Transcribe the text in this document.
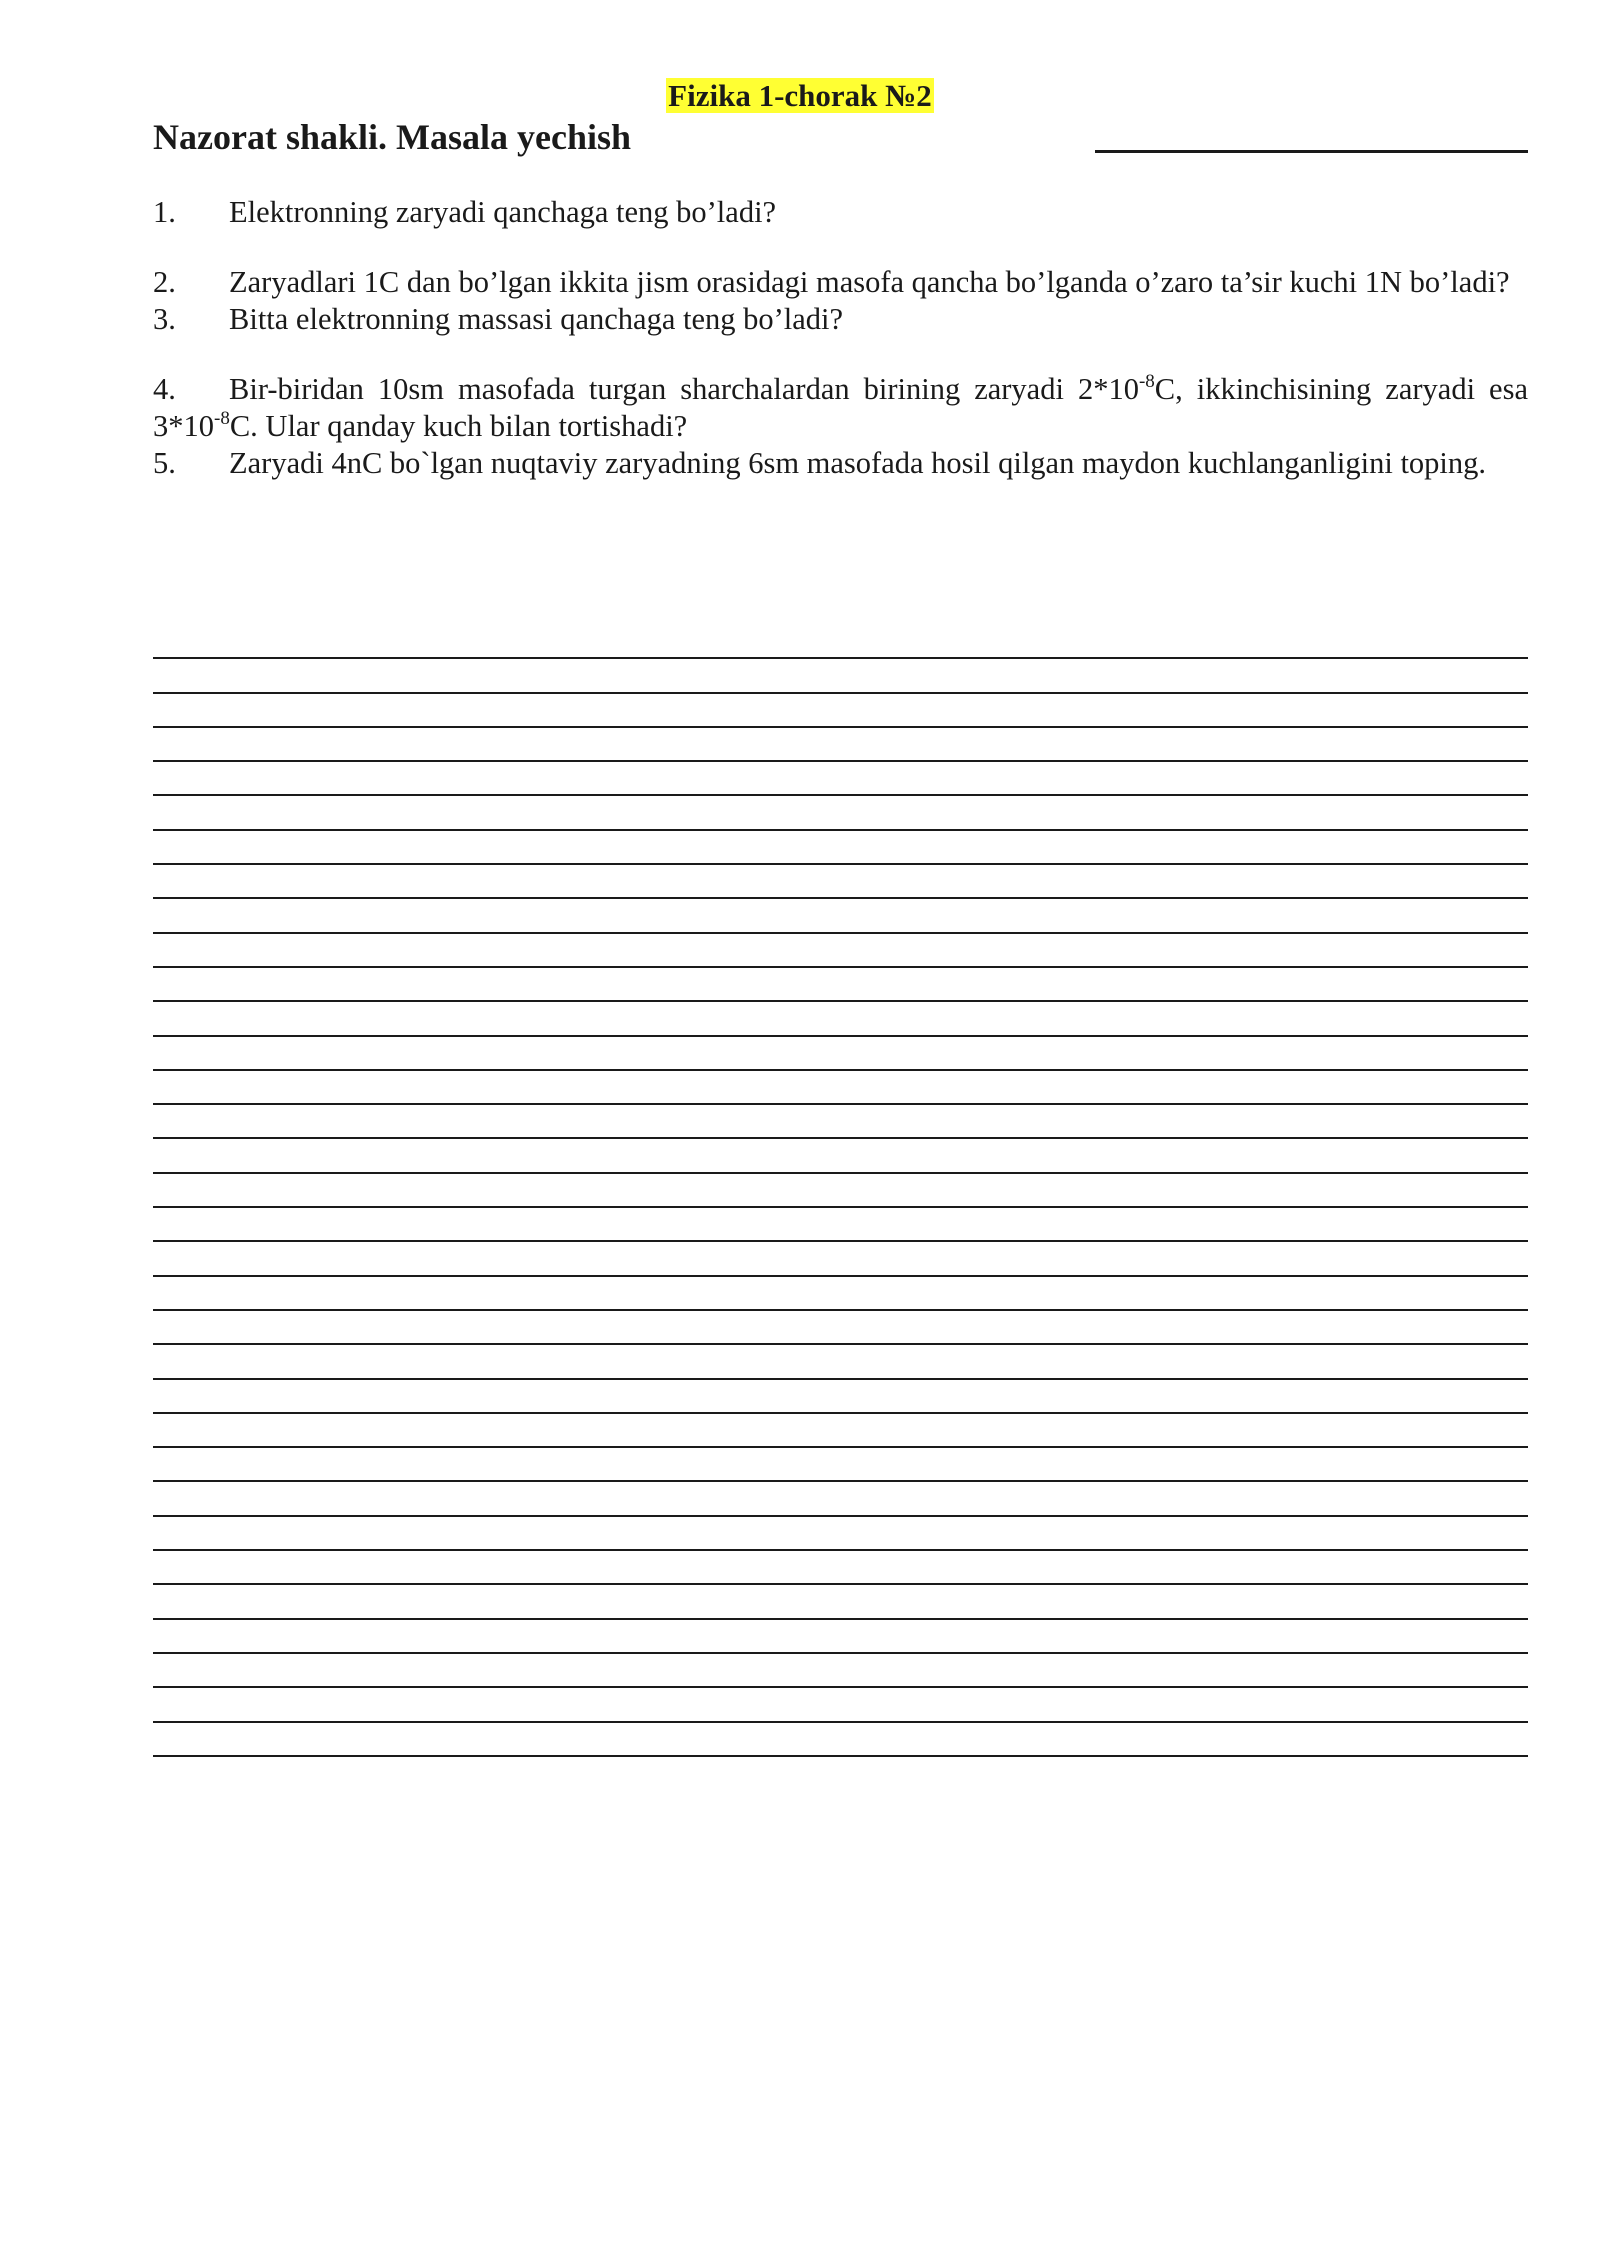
Fizika 1-chorak №2
Nazorat shakli. Masala yechish

1. Elektronning zaryadi qanchaga teng bo’ladi?

2. Zaryadlari 1C dan bo’lgan ikkita jism orasidagi masofa qancha bo’lganda o’zaro ta’sir kuchi 1N bo’ladi?

3. Bitta elektronning massasi qanchaga teng bo’ladi?

4. Bir-biridan 10sm masofada turgan sharchalardan birining zaryadi $2*10^{-8}C$, ikkinchisining zaryadi esa $3*10^{-8}C$. Ular qanday kuch bilan tortishadi?

5. Zaryadi 4nC bo`lgan nuqtaviy zaryadning 6sm masofada hosil qilgan maydon kuchlanganligini toping.
